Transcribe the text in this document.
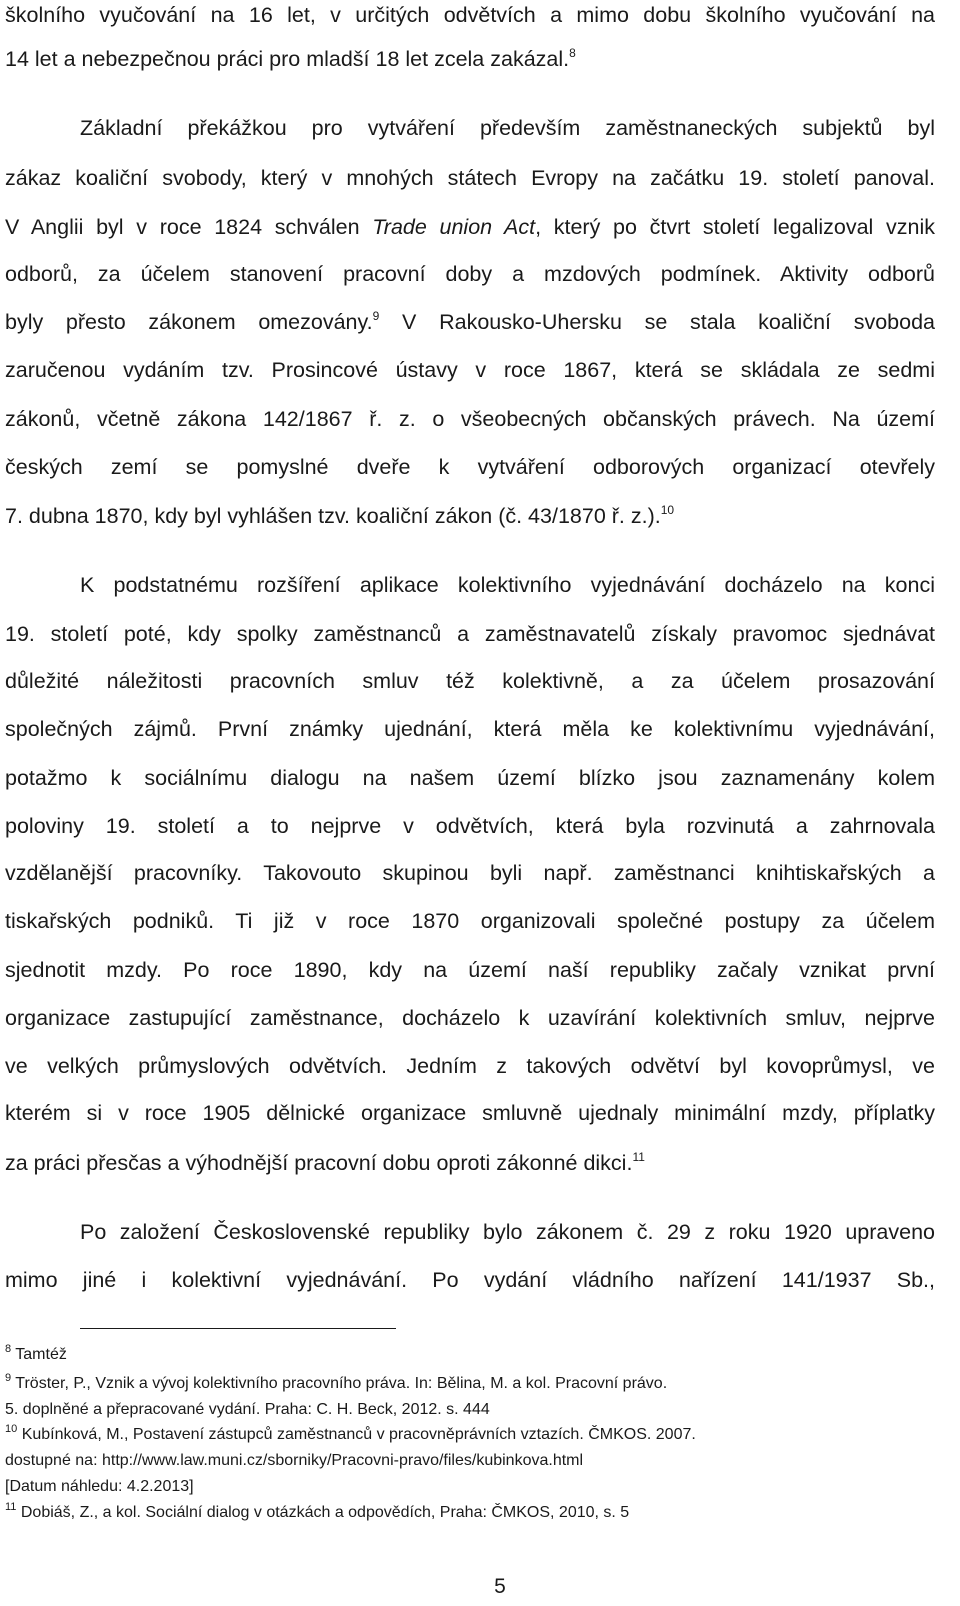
školního vyučování na 16 let, v určitých odvětvích a mimo dobu školního vyučování na
14 let a nebezpečnou práci pro mladší 18 let zcela zakázal.$^8$
Základní překážkou pro vytváření především zaměstnaneckých subjektů byl
zákaz koaliční svobody, který v mnohých státech Evropy na začátku 19. století panoval.
V Anglii byl v roce 1824 schválen Trade union Act, který po čtvrt století legalizoval vznik
odborů, za účelem stanovení pracovní doby a mzdových podmínek. Aktivity odborů
byly přesto zákonem omezovány.$^9$ V Rakousko-Uhersku se stala koaliční svoboda
zaručenou vydáním tzv. Prosincové ústavy v roce 1867, která se skládala ze sedmi
zákonů, včetně zákona 142/1867 ř. z. o všeobecných občanských právech. Na území
českých zemí se pomyslné dveře k vytváření odborových organizací otevřely
7. dubna 1870, kdy byl vyhlášen tzv. koaliční zákon (č. 43/1870 ř. z.).$^{10}$
K podstatnému rozšíření aplikace kolektivního vyjednávání docházelo na konci
19. století poté, kdy spolky zaměstnanců a zaměstnavatelů získaly pravomoc sjednávat
důležité náležitosti pracovních smluv též kolektivně, a za účelem prosazování
společných zájmů. První známky ujednání, která měla ke kolektivnímu vyjednávání,
potažmo k sociálnímu dialogu na našem území blízko jsou zaznamenány kolem
poloviny 19. století a to nejprve v odvětvích, která byla rozvinutá a zahrnovala
vzdělanější pracovníky. Takovouto skupinou byli např. zaměstnanci knihtiskařských a
tiskařských podniků. Ti již v roce 1870 organizovali společné postupy za účelem
sjednotit mzdy. Po roce 1890, kdy na území naší republiky začaly vznikat první
organizace zastupující zaměstnance, docházelo k uzavírání kolektivních smluv, nejprve
ve velkých průmyslových odvětvích. Jedním z takových odvětví byl kovoprůmysl, ve
kterém si v roce 1905 dělnické organizace smluvně ujednaly minimální mzdy, příplatky
za práci přesčas a výhodnější pracovní dobu oproti zákonné dikci.$^{11}$
Po založení Československé republiky bylo zákonem č. 29 z roku 1920 upraveno
mimo jiné i kolektivní vyjednávání. Po vydání vládního nařízení 141/1937 Sb.,
$^8$ Tamtéž
$^9$ Tröster, P., Vznik a vývoj kolektivního pracovního práva. In: Bělina, M. a kol. Pracovní právo.
5. doplněné a přepracované vydání. Praha: C. H. Beck, 2012. s. 444
$^{10}$ Kubínková, M., Postavení zástupců zaměstnanců v pracovněprávních vztazích. ČMKOS. 2007.
dostupné na: http://www.law.muni.cz/sborniky/Pracovni-pravo/files/kubinkova.html
[Datum náhledu: 4.2.2013]
$^{11}$ Dobiáš, Z., a kol. Sociální dialog v otázkách a odpovědích, Praha: ČMKOS, 2010, s. 5
5
